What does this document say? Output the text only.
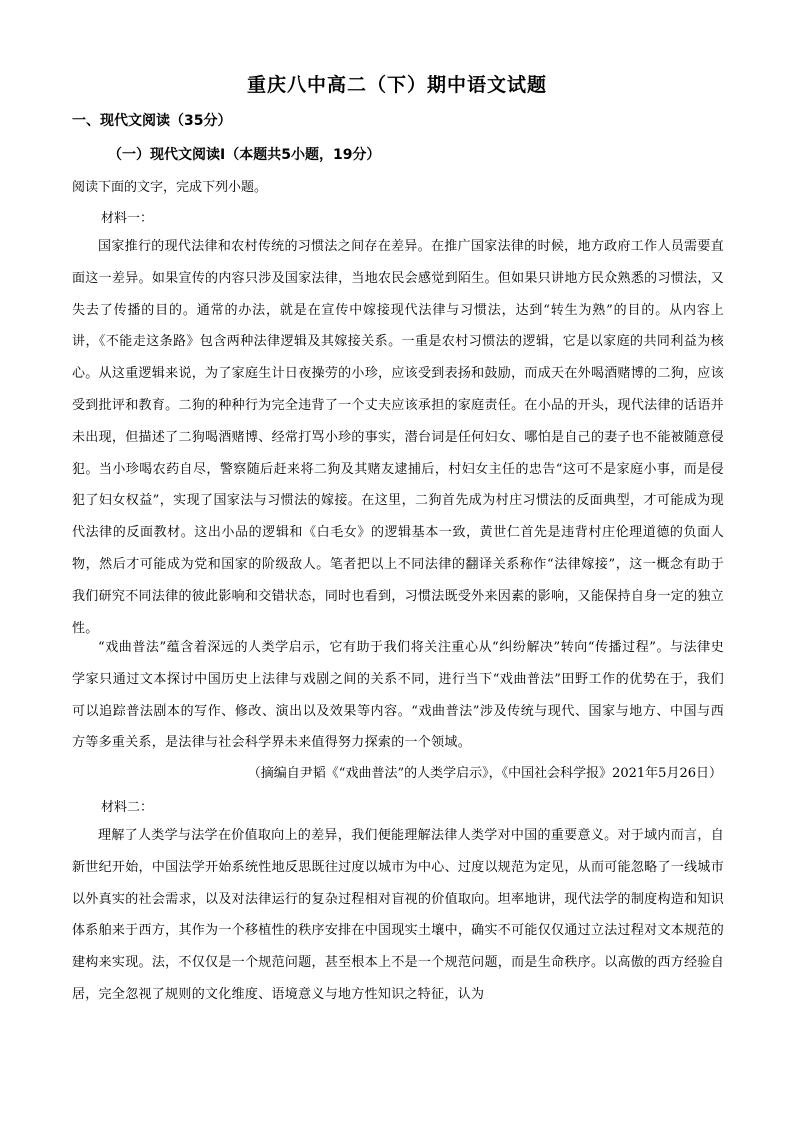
重庆八中高二（下）期中语文试题
一、现代文阅读（35分）
（一）现代文阅读Ⅰ（本题共5小题，19分）
阅读下面的文字，完成下列小题。
材料一：

国家推行的现代法律和农村传统的习惯法之间存在差异。在推广国家法律的时候，地方政府工作人员需要直面这一差异。如果宣传的内容只涉及国家法律，当地农民会感觉到陌生。但如果只讲地方民众熟悉的习惯法，又失去了传播的目的。通常的办法，就是在宣传中嫁接现代法律与习惯法，达到“转生为熟”的目的。从内容上讲，《不能走这条路》包含两种法律逻辑及其嫁接关系。一重是农村习惯法的逻辑，它是以家庭的共同利益为核心。从这重逻辑来说，为了家庭生计日夜操劳的小珍，应该受到表扬和鼓励，而成天在外喝酒赌博的二狗，应该受到批评和教育。二狗的种种行为完全违背了一个丈夫应该承担的家庭责任。在小品的开头，现代法律的话语并未出现，但描述了二狗喝酒赌博、经常打骂小珍的事实，潜台词是任何妇女、哪怕是自己的妻子也不能被随意侵犯。当小珍喝农药自尽，警察随后赶来将二狗及其赌友逮捕后，村妇女主任的忠告“这可不是家庭小事，而是侵犯了妇女权益”，实现了国家法与习惯法的嫁接。在这里，二狗首先成为村庄习惯法的反面典型，才可能成为现代法律的反面教材。这出小品的逻辑和《白毛女》的逻辑基本一致，黄世仁首先是违背村庄伦理道德的负面人物，然后才可能成为党和国家的阶级敌人。笔者把以上不同法律的翻译关系称作“法律嫁接”，这一概念有助于我们研究不同法律的彼此影响和交错状态，同时也看到，习惯法既受外来因素的影响，又能保持自身一定的独立性。

“戏曲普法”蕴含着深远的人类学启示，它有助于我们将关注重心从“纠纷解决”转向“传播过程”。与法律史学家只通过文本探讨中国历史上法律与戏剧之间的关系不同，进行当下“戏曲普法”田野工作的优势在于，我们可以追踪普法剧本的写作、修改、演出以及效果等内容。“戏曲普法”涉及传统与现代、国家与地方、中国与西方等多重关系，是法律与社会科学界未来值得努力探索的一个领域。

（摘编自尹韬《“戏曲普法”的人类学启示》，《中国社会科学报》2021年5月26日）
材料二：

理解了人类学与法学在价值取向上的差异，我们便能理解法律人类学对中国的重要意义。对于域内而言，自新世纪开始，中国法学开始系统性地反思既往过度以城市为中心、过度以规范为定见，从而可能忽略了一线城市以外真实的社会需求，以及对法律运行的复杂过程相对盲视的价值取向。坦率地讲，现代法学的制度构造和知识体系舶来于西方，其作为一个移植性的秩序安排在中国现实土壤中，确实不可能仅仅通过立法过程对文本规范的建构来实现。法，不仅仅是一个规范问题，甚至根本上不是一个规范问题，而是生命秩序。以高傲的西方经验自居，完全忽视了规则的文化维度、语境意义与地方性知识之特征，认为
